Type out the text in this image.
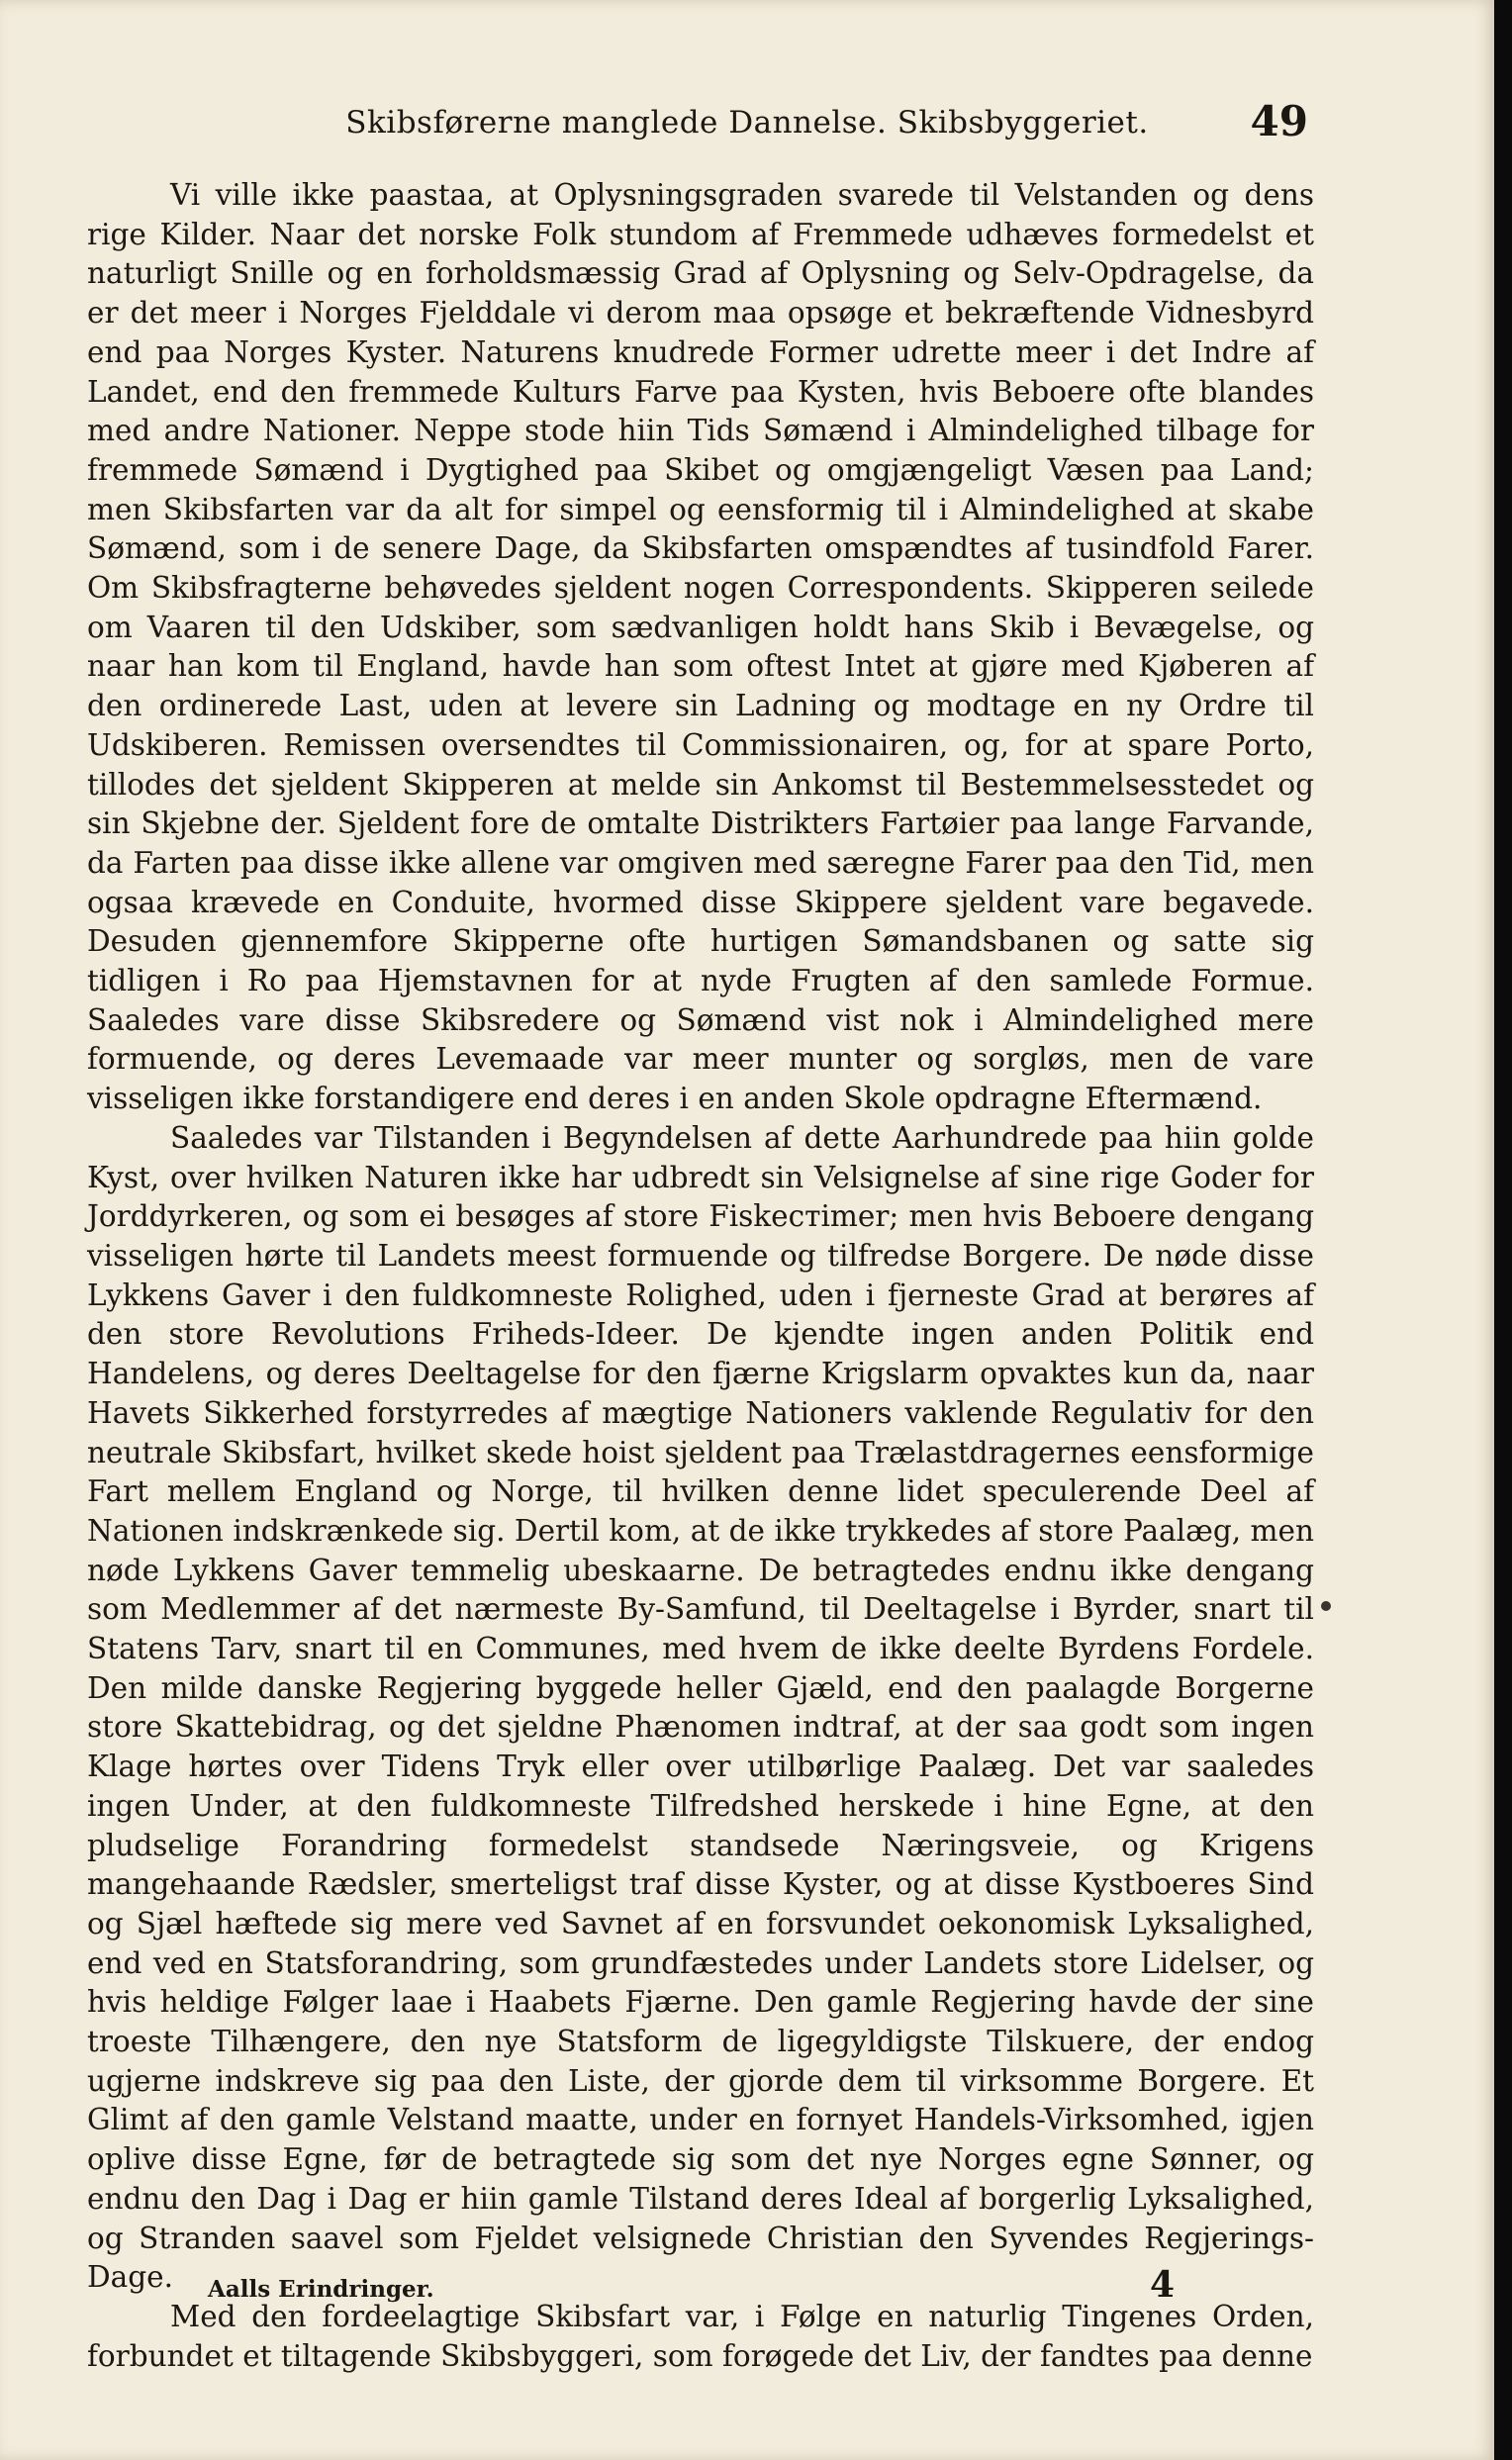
Skibsførerne manglede Dannelse. Skibsbyggeriet.	49

Vi ville ikke paastaa, at Oplysningsgraden svarede til Velstanden og dens rige Kilder. Naar det norske Folk stundom af Fremmede udhæves formedelst et naturligt Snille og en forholdsmæssig Grad af Oplysning og Selv-Opdragelse, da er det meer i Norges Fjelddale vi derom maa opsøge et bekræftende Vidnesbyrd end paa Norges Kyster. Naturens knudrede Former udrette meer i det Indre af Landet, end den fremmede Kulturs Farve paa Kysten, hvis Beboere ofte blandes med andre Nationer. Neppe stode hiin Tids Sømænd i Almindelighed tilbage for fremmede Sømænd i Dygtighed paa Skibet og omgjængeligt Væsen paa Land; men Skibsfarten var da alt for simpel og eensformig til i Almindelighed at skabe Sømænd, som i de senere Dage, da Skibsfarten omspændtes af tusindfold Farer. Om Skibsfragterne behøvedes sjeldent nogen Correspondents. Skipperen seilede om Vaaren til den Udskiber, som sædvanligen holdt hans Skib i Bevægelse, og naar han kom til England, havde han som oftest Intet at gjøre med Kjøberen af den ordinerede Last, uden at levere sin Ladning og modtage en ny Ordre til Udskiberen. Remissen oversendtes til Commissionairen, og, for at spare Porto, tillodes det sjeldent Skipperen at melde sin Ankomst til Bestemmelsesstedet og sin Skjebne der. Sjeldent fore de omtalte Distrikters Fartøier paa lange Farvande, da Farten paa disse ikke allene var omgiven med særegne Farer paa den Tid, men ogsaa krævede en Conduite, hvormed disse Skippere sjeldent vare begavede. Desuden gjennemfore Skipperne ofte hurtigen Sømandsbanen og satte sig tidligen i Ro paa Hjemstavnen for at nyde Frugten af den samlede Formue. Saaledes vare disse Skibsredere og Sømænd vist nok i Almindelighed mere formuende, og deres Levemaade var meer munter og sorgløs, men de vare visseligen ikke forstandigere end deres i en anden Skole opdragne Eftermænd.

Saaledes var Tilstanden i Begyndelsen af dette Aarhundrede paa hiin golde Kyst, over hvilken Naturen ikke har udbredt sin Velsignelse af sine rige Goder for Jorddyrkeren, og som ei besøges af store Fiskeстimer; men hvis Beboere dengang visseligen hørte til Landets meest formuende og tilfredse Borgere. De nøde disse Lykkens Gaver i den fuldkomneste Rolighed, uden i fjerneste Grad at berøres af den store Revolutions Friheds-Ideer. De kjendte ingen anden Politik end Handelens, og deres Deeltagelse for den fjærne Krigslarm opvaktes kun da, naar Havets Sikkerhed forstyrredes af mægtige Nationers vaklende Regulativ for den neutrale Skibsfart, hvilket skede hoist sjeldent paa Trælastdragernes eensformige Fart mellem England og Norge, til hvilken denne lidet speculerende Deel af Nationen indskrænkede sig. Dertil kom, at de ikke trykkedes af store Paalæg, men nøde Lykkens Gaver temmelig ubeskaarne. De betragtedes endnu ikke dengang som Medlemmer af det nærmeste By-Samfund, til Deeltagelse i Byrder, snart til Statens Tarv, snart til en Communes, med hvem de ikke deelte Byrdens Fordele. Den milde danske Regjering byggede heller Gjæld, end den paalagde Borgerne store Skattebidrag, og det sjeldne Phænomen indtraf, at der saa godt som ingen Klage hørtes over Tidens Tryk eller over utilbørlige Paalæg. Det var saaledes ingen Under, at den fuldkomneste Tilfredshed herskede i hine Egne, at den pludselige Forandring formedelst standsede Næringsveie, og Krigens mangehaande Rædsler, smerteligst traf disse Kyster, og at disse Kystboeres Sind og Sjæl hæftede sig mere ved Savnet af en forsvundet oekonomisk Lyksalighed, end ved en Statsforandring, som grundfæstedes under Landets store Lidelser, og hvis heldige Følger laae i Haabets Fjærne. Den gamle Regjering havde der sine troeste Tilhængere, den nye Statsform de ligegyldigste Tilskuere, der endog ugjerne indskreve sig paa den Liste, der gjorde dem til virksomme Borgere. Et Glimt af den gamle Velstand maatte, under en fornyet Handels-Virksomhed, igjen oplive disse Egne, før de betragtede sig som det nye Norges egne Sønner, og endnu den Dag i Dag er hiin gamle Tilstand deres Ideal af borgerlig Lyksalighed, og Stranden saavel som Fjeldet velsignede Christian den Syvendes Regjerings-Dage.

Med den fordeelagtige Skibsfart var, i Følge en naturlig Tingenes Orden, forbundet et tiltagende Skibsbyggeri, som forøgede det Liv, der fandtes paa denne

Aalls Erindringer.	4
